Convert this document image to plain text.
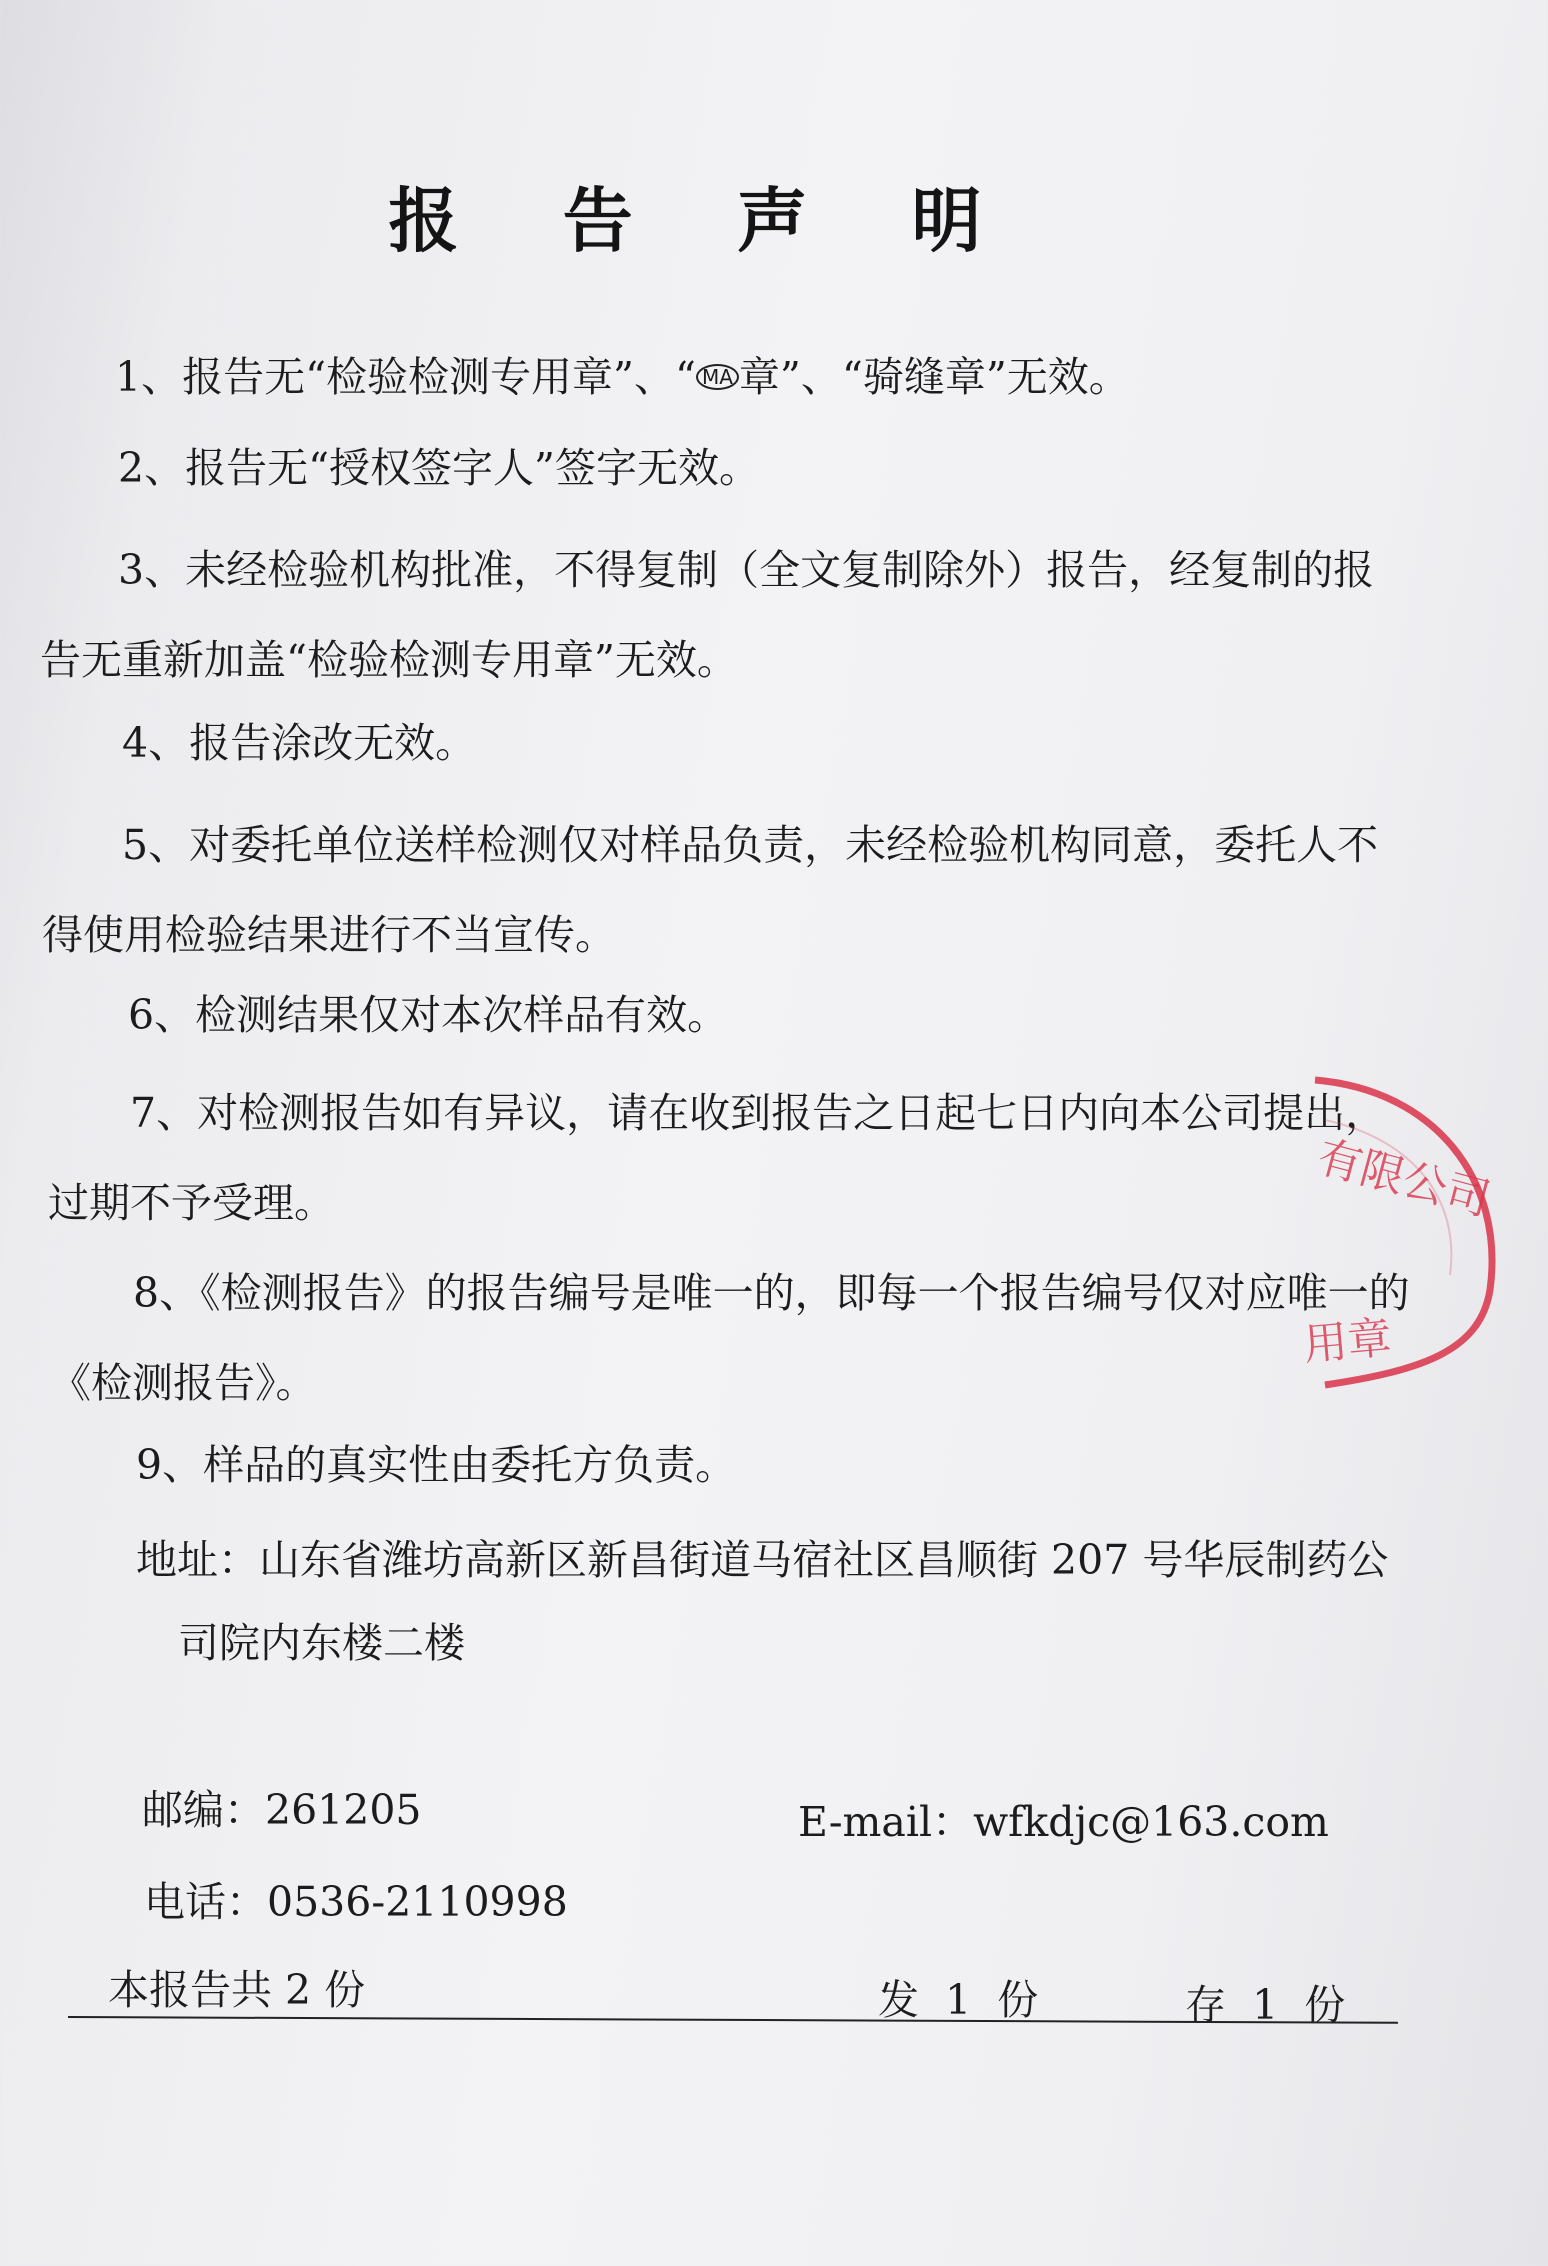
报 告 声 明
1、报告无“检验检测专用章”、“ MA 章”、“骑缝章”无效。
2、报告无“授权签字人”签字无效。
3、未经检验机构批准，不得复制（全文复制除外）报告，经复制的报告无重新加盖“检验检测专用章”无效。
4、报告涂改无效。
5、对委托单位送样检测仅对样品负责，未经检验机构同意，委托人不得使用检验结果进行不当宣传。
6、检测结果仅对本次样品有效。
7、对检测报告如有异议，请在收到报告之日起七日内向本公司提出，过期不予受理。
8、《检测报告》的报告编号是唯一的，即每一个报告编号仅对应唯一的《检测报告》。
9、样品的真实性由委托方负责。
地址：山东省潍坊高新区新昌街道马宿社区昌顺街 207 号华辰制药公
司院内东楼二楼
邮编：261205	E-mail：wfkdjc@163.com
电话：0536-2110998
本报告共 2 份	发  1  份	存  1  份
有限公司
用章
